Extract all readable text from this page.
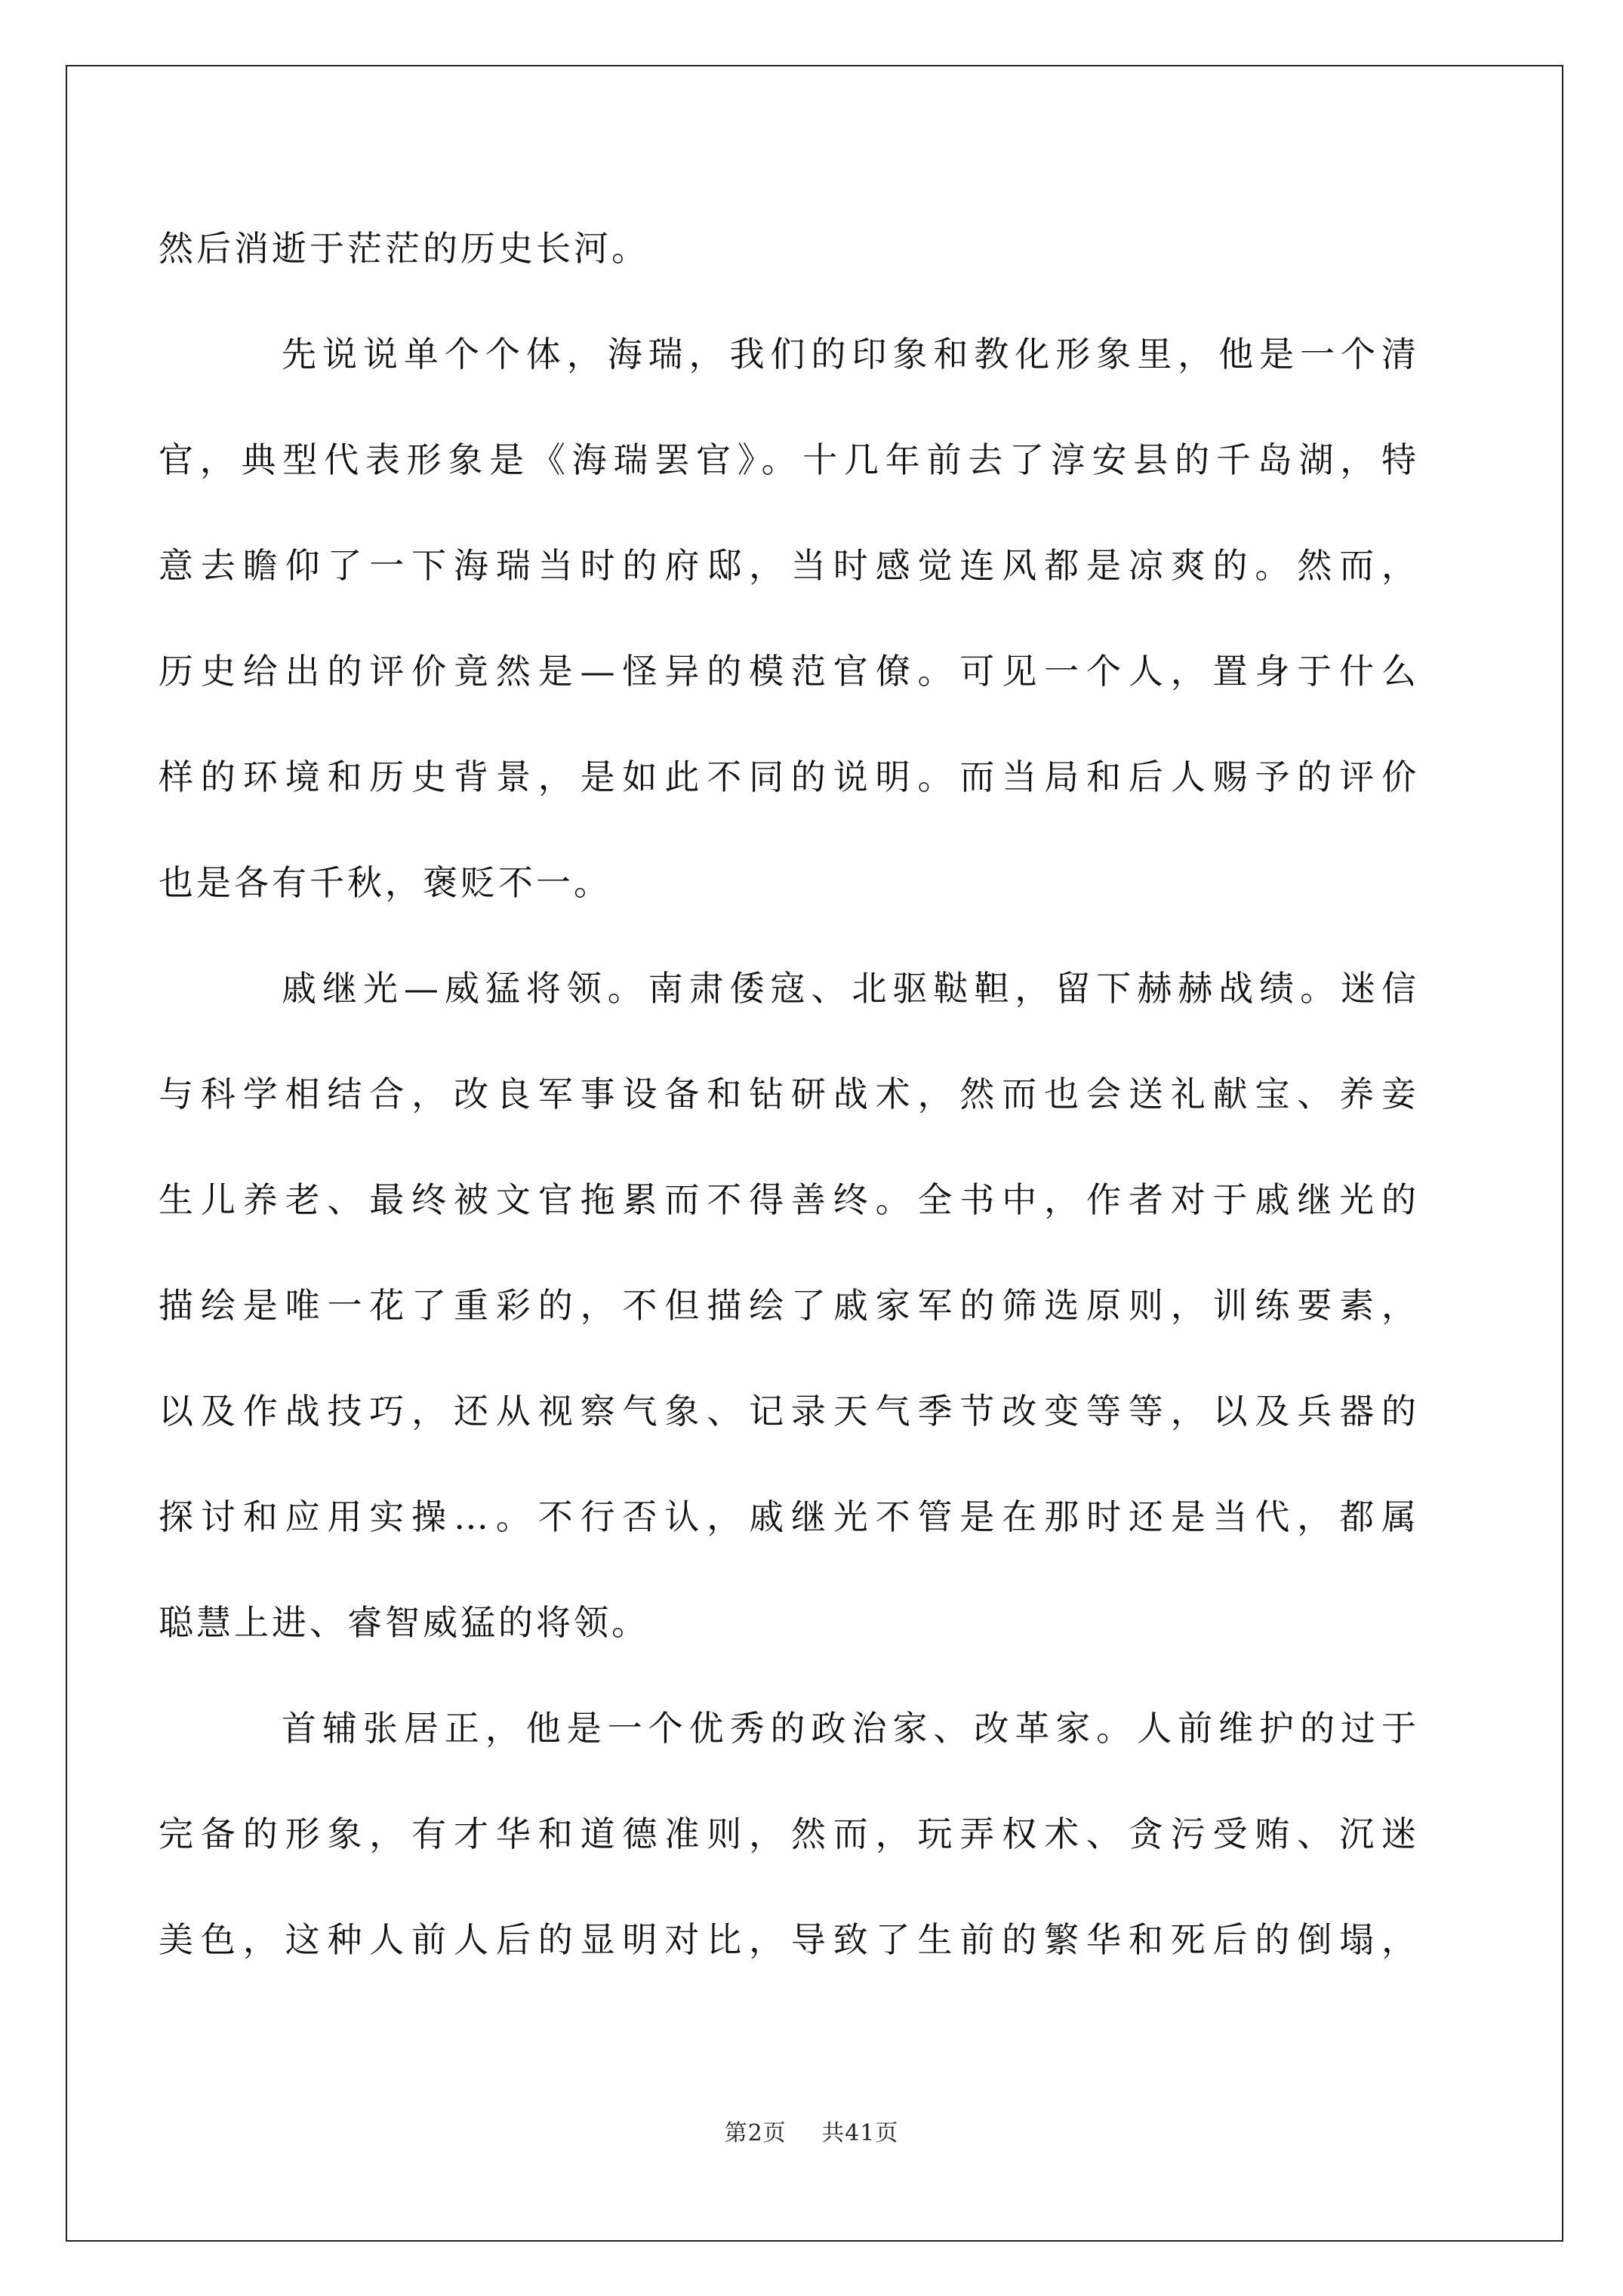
然后消逝于茫茫的历史长河。
先说说单个个体，海瑞，我们的印象和教化形象里，他是一个清
官，典型代表形象是《海瑞罢官》。十几年前去了淳安县的千岛湖，特
意去瞻仰了一下海瑞当时的府邸，当时感觉连风都是凉爽的。然而，
历史给出的评价竟然是—怪异的模范官僚。可见一个人，置身于什么
样的环境和历史背景，是如此不同的说明。而当局和后人赐予的评价
也是各有千秋，褒贬不一。
戚继光—威猛将领。南肃倭寇、北驱鞑靼，留下赫赫战绩。迷信
与科学相结合，改良军事设备和钻研战术，然而也会送礼献宝、养妾
生儿养老、最终被文官拖累而不得善终。全书中，作者对于戚继光的
描绘是唯一花了重彩的，不但描绘了戚家军的筛选原则，训练要素，
以及作战技巧，还从视察气象、记录天气季节改变等等，以及兵器的
探讨和应用实操…。不行否认，戚继光不管是在那时还是当代，都属
聪慧上进、睿智威猛的将领。
首辅张居正，他是一个优秀的政治家、改革家。人前维护的过于
完备的形象，有才华和道德准则，然而，玩弄权术、贪污受贿、沉迷
美色，这种人前人后的显明对比，导致了生前的繁华和死后的倒塌，
第2页 共41页
